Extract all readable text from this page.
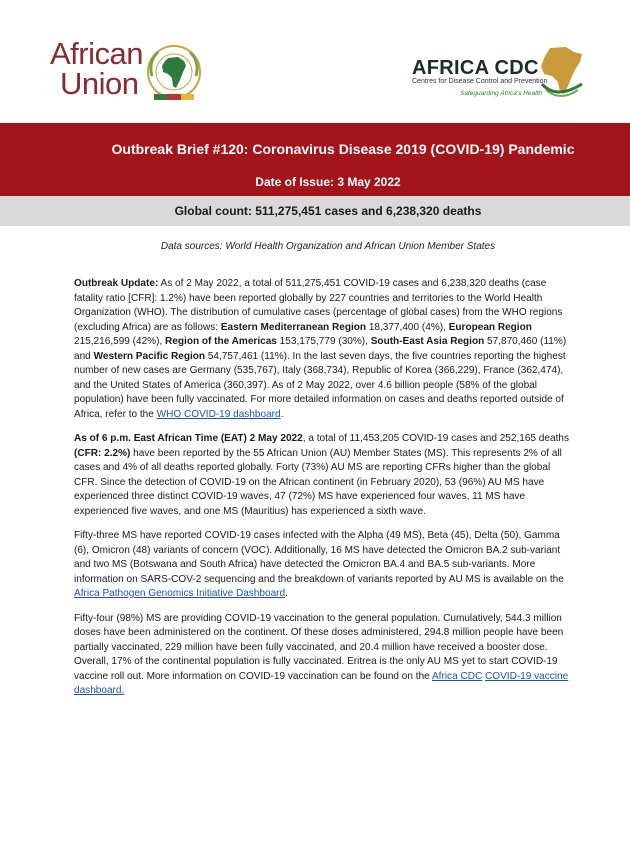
African
Union	AFRICA CDC
Centres for Disease Control and Prevention
Safeguarding Africa's Health
Outbreak Brief #120: Coronavirus Disease 2019 (COVID-19) Pandemic
Date of Issue: 3 May 2022
Global count: 511,275,451 cases and 6,238,320 deaths
Data sources: World Health Organization and African Union Member States

Outbreak Update: As of 2 May 2022, a total of 511,275,451 COVID-19 cases and 6,238,320 deaths (case fatality ratio [CFR]: 1.2%) have been reported globally by 227 countries and territories to the World Health Organization (WHO). The distribution of cumulative cases (percentage of global cases) from the WHO regions (excluding Africa) are as follows: Eastern Mediterranean Region 18,377,400 (4%), European Region 215,216,599 (42%), Region of the Americas 153,175,779 (30%), South-East Asia Region 57,870,460 (11%) and Western Pacific Region 54,757,461 (11%). In the last seven days, the five countries reporting the highest number of new cases are Germany (535,767), Italy (368,734), Republic of Korea (366,229), France (362,474), and the United States of America (360,397). As of 2 May 2022, over 4.6 billion people (58% of the global population) have been fully vaccinated. For more detailed information on cases and deaths reported outside of Africa, refer to the WHO COVID-19 dashboard.

As of 6 p.m. East African Time (EAT) 2 May 2022, a total of 11,453,205 COVID-19 cases and 252,165 deaths (CFR: 2.2%) have been reported by the 55 African Union (AU) Member States (MS). This represents 2% of all cases and 4% of all deaths reported globally. Forty (73%) AU MS are reporting CFRs higher than the global CFR. Since the detection of COVID-19 on the African continent (in February 2020), 53 (96%) AU MS have experienced three distinct COVID-19 waves, 47 (72%) MS have experienced four waves, 11 MS have experienced five waves, and one MS (Mauritius) has experienced a sixth wave.

Fifty-three MS have reported COVID-19 cases infected with the Alpha (49 MS), Beta (45), Delta (50), Gamma (6), Omicron (48) variants of concern (VOC). Additionally, 16 MS have detected the Omicron BA.2 sub-variant and two MS (Botswana and South Africa) have detected the Omicron BA.4 and BA.5 sub-variants. More information on SARS-COV-2 sequencing and the breakdown of variants reported by AU MS is available on the Africa Pathogen Genomics Initiative Dashboard.

Fifty-four (98%) MS are providing COVID-19 vaccination to the general population. Cumulatively, 544.3 million doses have been administered on the continent. Of these doses administered, 294.8 million people have been partially vaccinated, 229 million have been fully vaccinated, and 20.4 million have received a booster dose. Overall, 17% of the continental population is fully vaccinated. Eritrea is the only AU MS yet to start COVID-19 vaccine roll out. More information on COVID-19 vaccination can be found on the Africa CDC COVID-19 vaccine dashboard.
